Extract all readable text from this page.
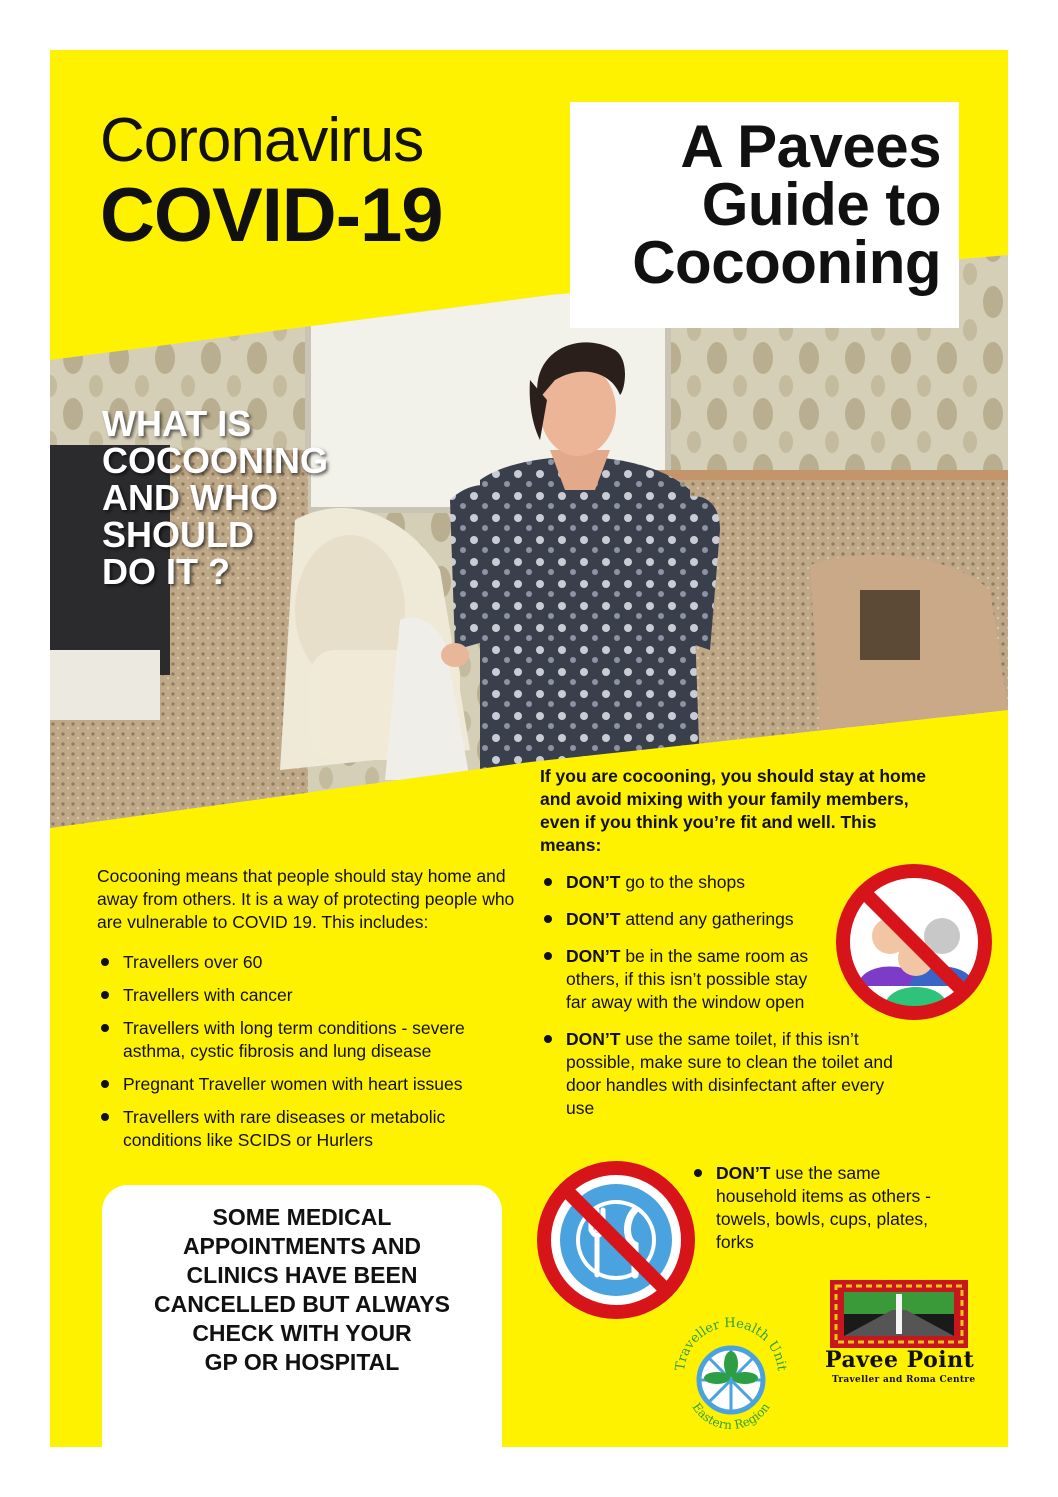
Coronavirus
COVID-19
A Pavees
Guide to
Cocooning
WHAT IS
COCOONING
AND WHO
SHOULD
DO IT ?

Cocooning means that people should stay home and away from others. It is a way of protecting people who are vulnerable to COVID 19. This includes:

Travellers over 60
Travellers with cancer
Travellers with long term conditions - severe asthma, cystic fibrosis and lung disease
Pregnant Traveller women with heart issues
Travellers with rare diseases or metabolic conditions like SCIDS or Hurlers
If you are cocooning, you should stay at home and avoid mixing with your family members, even if you think you’re fit and well. This means:
DON’T go to the shops
DON’T attend any gatherings
DON’T be in the same room as others, if this isn’t possible stay far away with the window open
DON’T use the same toilet, if this isn’t possible, make sure to clean the toilet and door handles with disinfectant after every use
DON’T use the same household items as others - towels, bowls, cups, plates, forks
SOME MEDICAL
APPOINTMENTS AND
CLINICS HAVE BEEN
CANCELLED BUT ALWAYS
CHECK WITH YOUR
GP OR HOSPITAL	Traveller Health Unit
Eastern Region
Pavee Point
Traveller and Roma Centre
